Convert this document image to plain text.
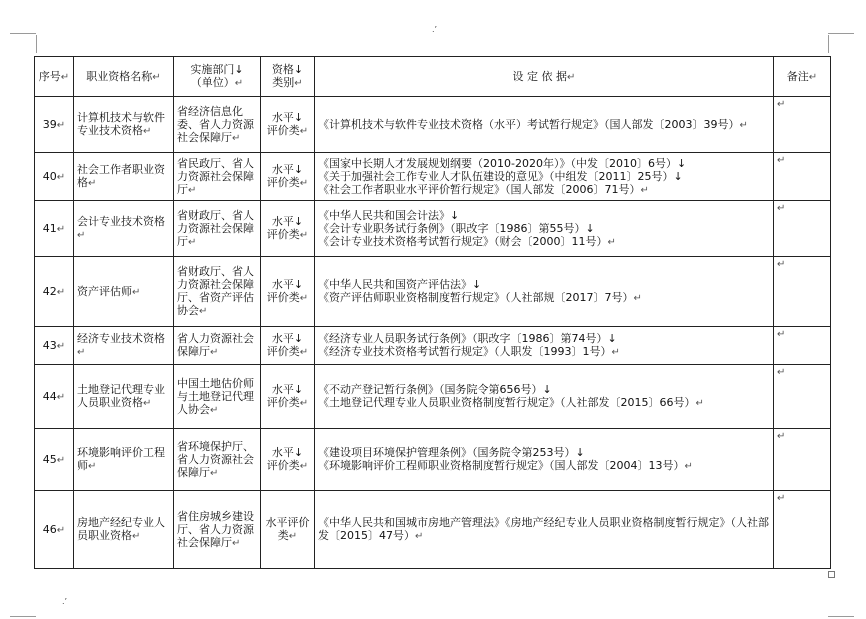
.’
.’
序号↵	职业资格名称↵	实施部门↓
（单位）↵	资格↓
类别↵	设 定 依 据↵	备注↵
39↵	计算机技术与软件专业技术资格↵	省经济信息化委、省人力资源社会保障厅↵	水平↓
评价类↵	《计算机技术与软件专业技术资格（水平）考试暂行规定》（国人部发〔2003〕39号）↵	↵
40↵	社会工作者职业资格↵	省民政厅、省人力资源社会保障厅↵	水平↓
评价类↵	《国家中长期人才发展规划纲要（2010-2020年）》（中发〔2010〕6号）↓
《关于加强社会工作专业人才队伍建设的意见》（中组发〔2011〕25号）↓
《社会工作者职业水平评价暂行规定》（国人部发〔2006〕71号）↵	↵
41↵	会计专业技术资格↵	省财政厅、省人力资源社会保障厅↵	水平↓
评价类↵	《中华人民共和国会计法》↓
《会计专业职务试行条例》（职改字〔1986〕第55号）↓
《会计专业技术资格考试暂行规定》（财会〔2000〕11号）↵	↵
42↵	资产评估师↵	省财政厅、省人力资源社会保障厅、省资产评估协会↵	水平↓
评价类↵	《中华人民共和国资产评估法》↓
《资产评估师职业资格制度暂行规定》（人社部规〔2017〕7号）↵	↵
43↵	经济专业技术资格↵	省人力资源社会保障厅↵	水平↓
评价类↵	《经济专业人员职务试行条例》（职改字〔1986〕第74号）↓
《经济专业技术资格考试暂行规定》（人职发〔1993〕1号）↵	↵
44↵	土地登记代理专业人员职业资格↵	中国土地估价师与土地登记代理人协会↵	水平↓
评价类↵	《不动产登记暂行条例》（国务院令第656号）↓
《土地登记代理专业人员职业资格制度暂行规定》（人社部发〔2015〕66号）↵	↵
45↵	环境影响评价工程师↵	省环境保护厅、省人力资源社会保障厅↵	水平↓
评价类↵	《建设项目环境保护管理条例》（国务院令第253号）↓
《环境影响评价工程师职业资格制度暂行规定》（国人部发〔2004〕13号）↵	↵
46↵	房地产经纪专业人员职业资格↵	省住房城乡建设厅、省人力资源社会保障厅↵	水平评价类↵	《中华人民共和国城市房地产管理法》《房地产经纪专业人员职业资格制度暂行规定》（人社部发〔2015〕47号）↵	↵
